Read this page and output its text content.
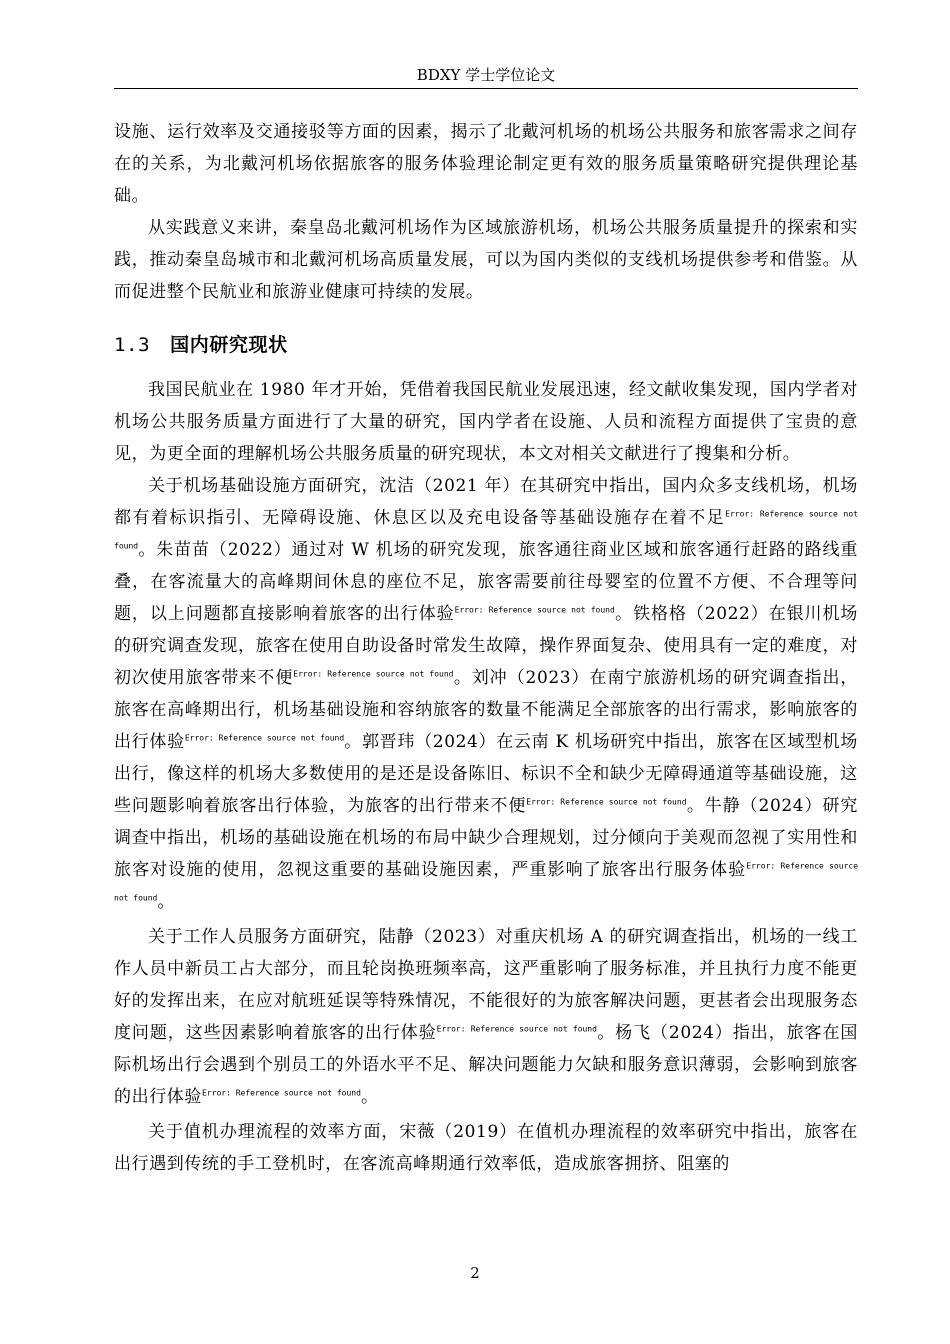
BDXY 学士学位论文

设施、运行效率及交通接驳等方面的因素，揭示了北戴河机场的机场公共服务和旅客需求之间存在的关系，为北戴河机场依据旅客的服务体验理论制定更有效的服务质量策略研究提供理论基础。

从实践意义来讲，秦皇岛北戴河机场作为区域旅游机场，机场公共服务质量提升的探索和实践，推动秦皇岛城市和北戴河机场高质量发展，可以为国内类似的支线机场提供参考和借鉴。从而促进整个民航业和旅游业健康可持续的发展。

1.3 国内研究现状

我国民航业在 1980 年才开始，凭借着我国民航业发展迅速，经文献收集发现，国内学者对机场公共服务质量方面进行了大量的研究，国内学者在设施、人员和流程方面提供了宝贵的意见，为更全面的理解机场公共服务质量的研究现状，本文对相关文献进行了搜集和分析。

关于机场基础设施方面研究，沈洁（2021 年）在其研究中指出，国内众多支线机场，机场都有着标识指引、无障碍设施、休息区以及充电设备等基础设施存在着不足$^{Error: Reference source not found}$。朱苗苗（2022）通过对 W 机场的研究发现，旅客通往商业区域和旅客通行赶路的路线重叠，在客流量大的高峰期间休息的座位不足，旅客需要前往母婴室的位置不方便、不合理等问题，以上问题都直接影响着旅客的出行体验$^{Error: Reference source not found}$。铁格格（2022）在银川机场的研究调查发现，旅客在使用自助设备时常发生故障，操作界面复杂、使用具有一定的难度，对初次使用旅客带来不便$^{Error: Reference source not found}$。刘冲（2023）在南宁旅游机场的研究调查指出，旅客在高峰期出行，机场基础设施和容纳旅客的数量不能满足全部旅客的出行需求，影响旅客的出行体验$^{Error: Reference source not found}$。郭晋玮（2024）在云南 K 机场研究中指出，旅客在区域型机场出行，像这样的机场大多数使用的是还是设备陈旧、标识不全和缺少无障碍通道等基础设施，这些问题影响着旅客出行体验，为旅客的出行带来不便$^{Error: Reference source not found}$。牛静（2024）研究调查中指出，机场的基础设施在机场的布局中缺少合理规划，过分倾向于美观而忽视了实用性和旅客对设施的使用，忽视这重要的基础设施因素，严重影响了旅客出行服务体验$^{Error: Reference source not found}$。

关于工作人员服务方面研究，陆静（2023）对重庆机场 A 的研究调查指出，机场的一线工作人员中新员工占大部分，而且轮岗换班频率高，这严重影响了服务标准，并且执行力度不能更好的发挥出来，在应对航班延误等特殊情况，不能很好的为旅客解决问题，更甚者会出现服务态度问题，这些因素影响着旅客的出行体验$^{Error: Reference source not found}$。杨飞（2024）指出，旅客在国际机场出行会遇到个别员工的外语水平不足、解决问题能力欠缺和服务意识薄弱，会影响到旅客的出行体验$^{Error: Reference source not found}$。

关于值机办理流程的效率方面，宋薇（2019）在值机办理流程的效率研究中指出，旅客在出行遇到传统的手工登机时，在客流高峰期通行效率低，造成旅客拥挤、阻塞的

2
